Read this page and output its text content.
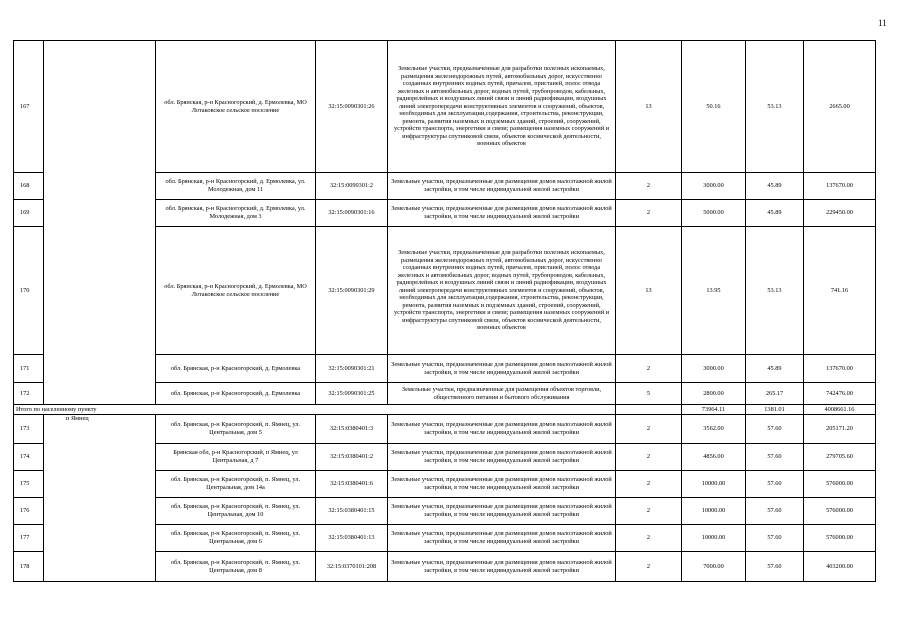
11
167		обл. Брянская, р-н Красногорский, д. Ермолевка, МО Лотаковское сельское поселение	32:15:0090301:26	Земельные участки, предназначенные для разработки полезных ископаемых, размещения железнодорожных путей, автомобильных дорог, искусственно созданных внутренних водных путей, причалов, пристаней, полос отвода железных и автомобильных дорог, водных путей, трубопроводов, кабельных, радиорелейных и воздушных линий связи и линий радиофикации, воздушных линий электропередачи конструктивных элементов и сооружений, объектов, необходимых для эксплуатации,содержания, строительства, реконструкции, ремонта, развития наземных и подземных зданий, строений, сооружений, устройств транспорта, энергетики и связи; размещения наземных сооружений и инфраструктуры спутниковой связи, объектов космической деятельности, военных объектов	13	50.16	53.13	2665.00
168		обл. Брянская, р-н Красногорский, д. Ермолевка, ул. Молодежная, дом 11	32:15:0090301:2	Земельные участки, предназначенные для размещения домов малоэтажной жилой застройки, в том числе индивидуальной жилой застройки	2	3000.00	45.89	137670.00
169		обл. Брянская, р-н Красногорский, д. Ермолевка, ул. Молодежная, дом 3	32:15:0090301:16	Земельные участки, предназначенные для размещения домов малоэтажной жилой застройки, в том числе индивидуальной жилой застройки	2	5000.00	45.89	229450.00
170		обл. Брянская, р-н Красногорский, д. Ермолевка, МО Лотаковское сельское поселение	32:15:0090301:29	Земельные участки, предназначенные для разработки полезных ископаемых, размещения железнодорожных путей, автомобильных дорог, искусственно созданных внутренних водных путей, причалов, пристаней, полос отвода железных и автомобильных дорог, водных путей, трубопроводов, кабельных, радиорелейных и воздушных линий связи и линий радиофикации, воздушных линий электропередачи конструктивных элементов и сооружений, объектов, необходимых для эксплуатации,содержания, строительства, реконструкции, ремонта, развития наземных и подземных зданий, строений, сооружений, устройств транспорта, энергетики и связи; размещения наземных сооружений и инфраструктуры спутниковой связи, объектов космической деятельности, военных объектов	13	13.95	53.13	741.16
171		обл. Брянская, р-н Красногорский, д. Ермолевка	32:15:0090301:21	Земельные участки, предназначенные для размещения домов малоэтажной жилой застройки, в том числе индивидуальной жилой застройки	2	3000.00	45.89	137670.00
172		обл. Брянская, р-н Красногорский, д. Ермолевка	32:15:0090301:25	Земельные участки, предназначенные для размещения объектов торговли, общественного питания и бытового обслуживания	5	2800.00	265.17	742476.00
Итого по населенному пункту						73964.11	1381.01	4008661.16
173	п Ямнец	обл. Брянская, р-н Красногорский, п. Ямнец, ул. Центральная, дом 5	32:15:0380401:3	Земельные участки, предназначенные для размещения домов малоэтажной жилой застройки, в том числе индивидуальной жилой застройки	2	3562.00	57.60	205171.20
174		Брянская обл, р-н Красногорский, п Ямнец, ул Центральная, д 7	32:15:0380401:2	Земельные участки, предназначенные для размещения домов малоэтажной жилой застройки, в том числе индивидуальной жилой застройки	2	4856.00	57.60	279705.60
175		обл. Брянская, р-н Красногорский, п. Ямнец, ул. Центральная, дом 14а	32:15:0380401:6	Земельные участки, предназначенные для размещения домов малоэтажной жилой застройки, в том числе индивидуальной жилой застройки	2	10000.00	57.60	576000.00
176		обл. Брянская, р-н Красногорский, п. Ямнец, ул. Центральная, дом 10	32:15:0380401:15	Земельные участки, предназначенные для размещения домов малоэтажной жилой застройки, в том числе индивидуальной жилой застройки	2	10000.00	57.60	576000.00
177		обл. Брянская, р-н Красногорский, п. Ямнец, ул. Центральная, дом 6	32:15:0380401:13	Земельные участки, предназначенные для размещения домов малоэтажной жилой застройки, в том числе индивидуальной жилой застройки	2	10000.00	57.60	576000.00
178		обл. Брянская, р-н Красногорский, п. Ямнец, ул. Центральная, дом 8	32:15:0370101:208	Земельные участки, предназначенные для размещения домов малоэтажной жилой застройки, в том числе индивидуальной жилой застройки	2	7000.00	57.60	403200.00
